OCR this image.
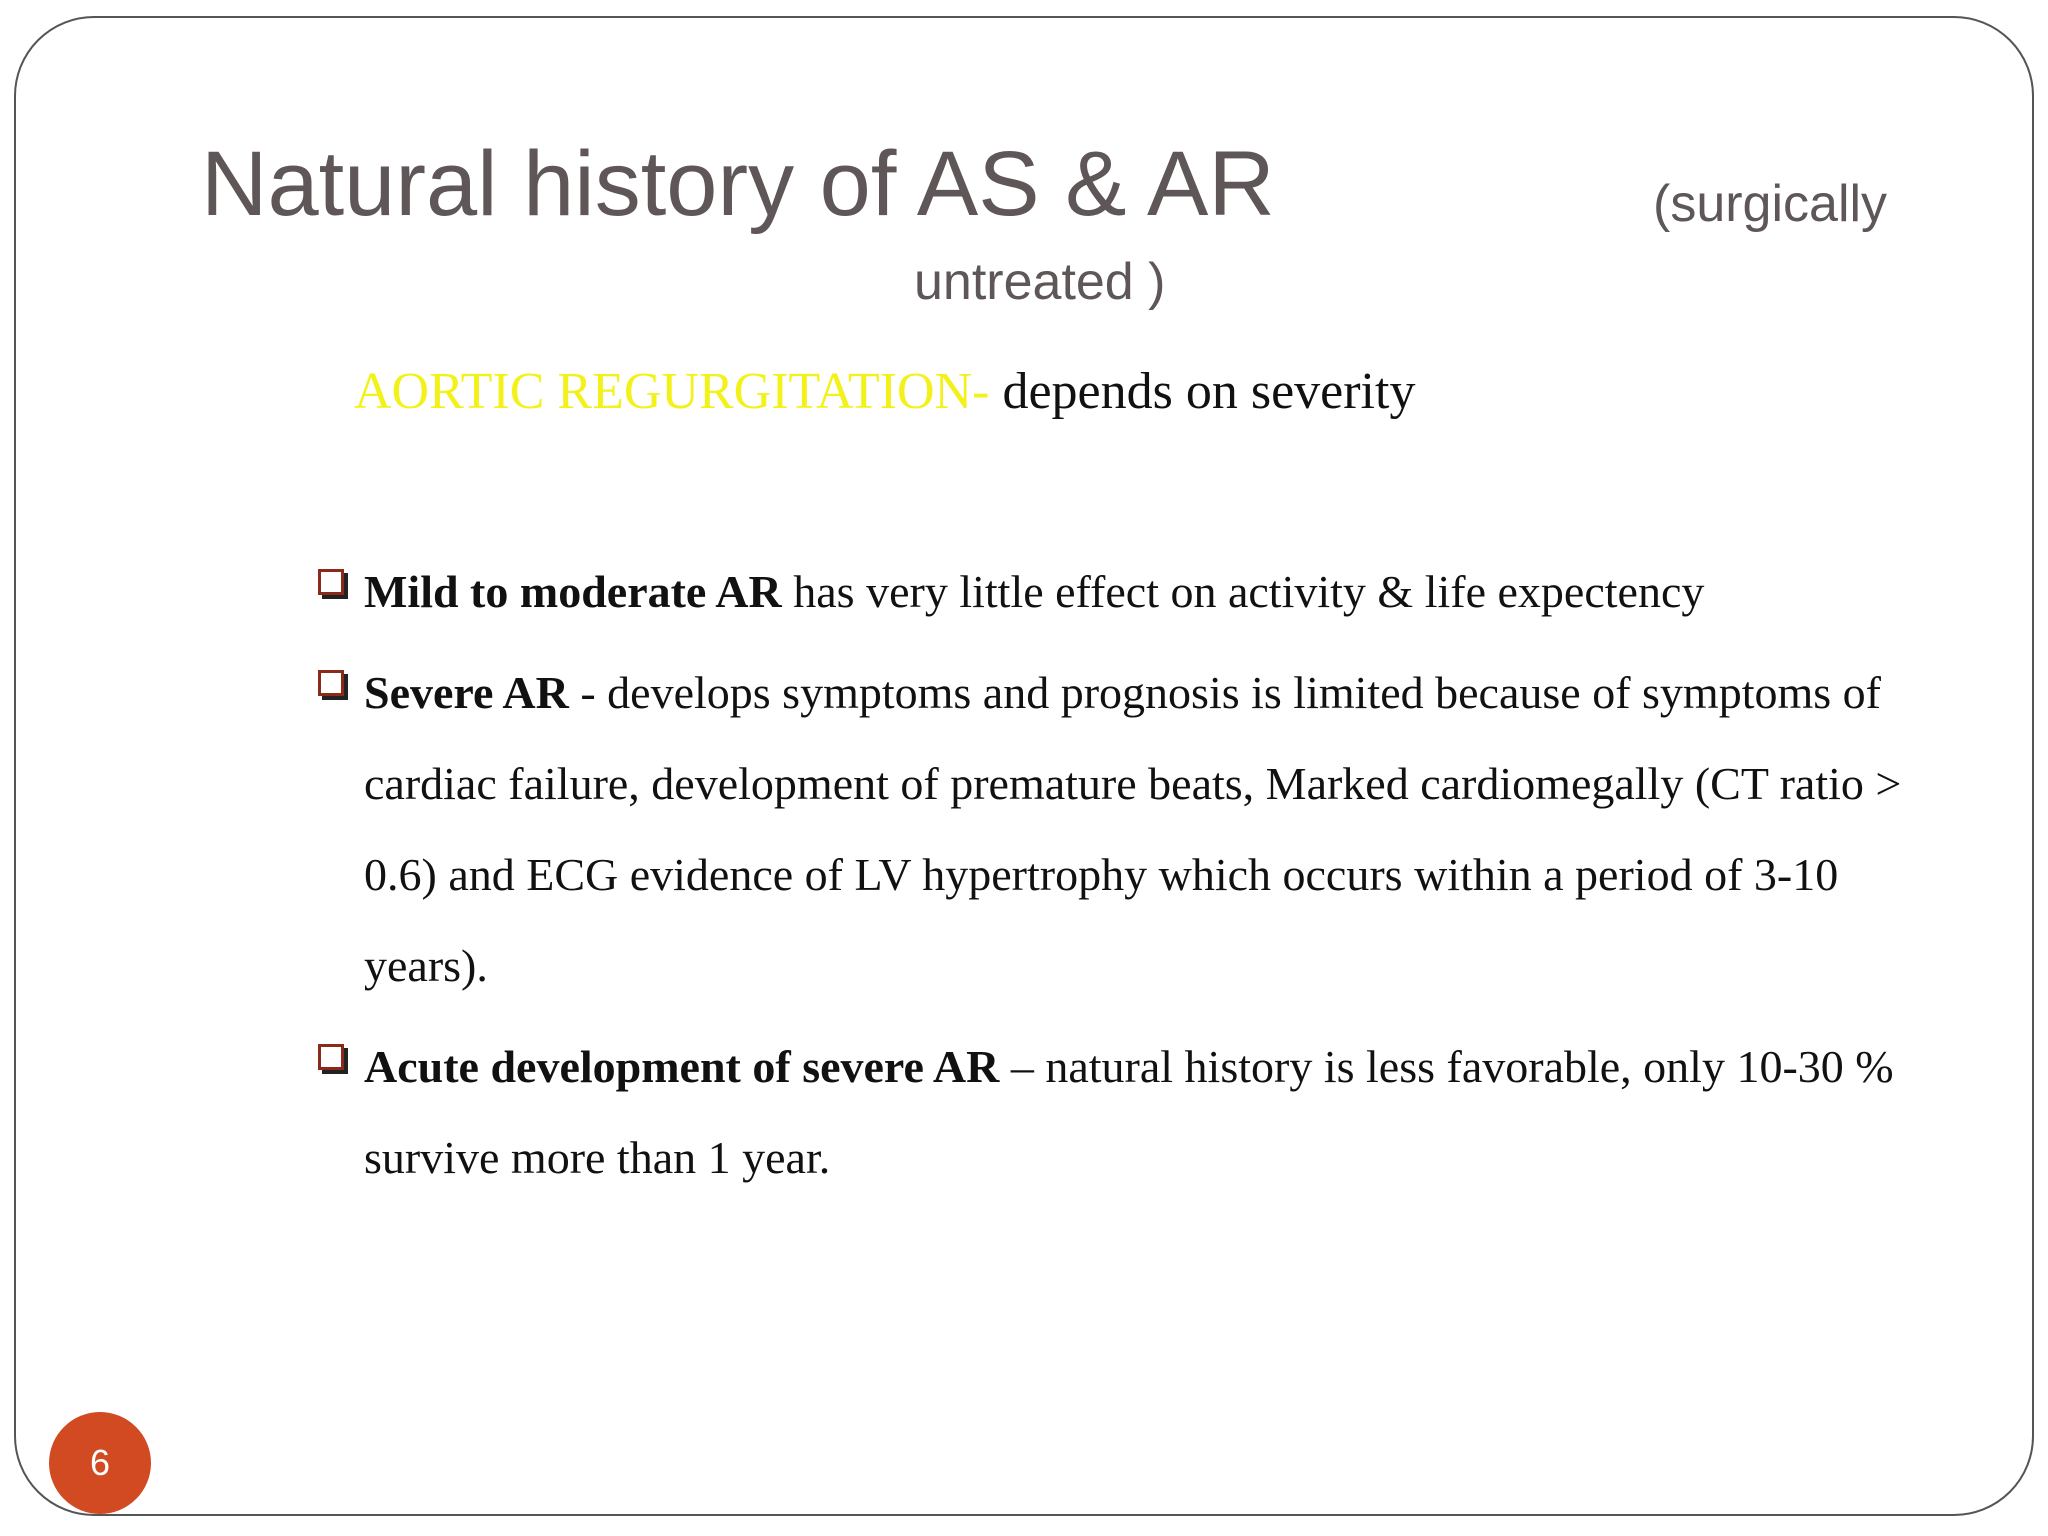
Natural history of AS & AR	(surgically
untreated )
AORTIC REGURGITATION- depends on severity
Mild to moderate AR has very little effect on activity & life expectency
Severe AR - develops symptoms and prognosis is limited because of symptoms of cardiac failure, development of premature beats, Marked cardiomegally (CT ratio > 0.6) and ECG evidence of LV hypertrophy which occurs within a period of 3-10 years).
Acute development of severe AR – natural history is less favorable, only 10-30 % survive more than 1 year.
6
